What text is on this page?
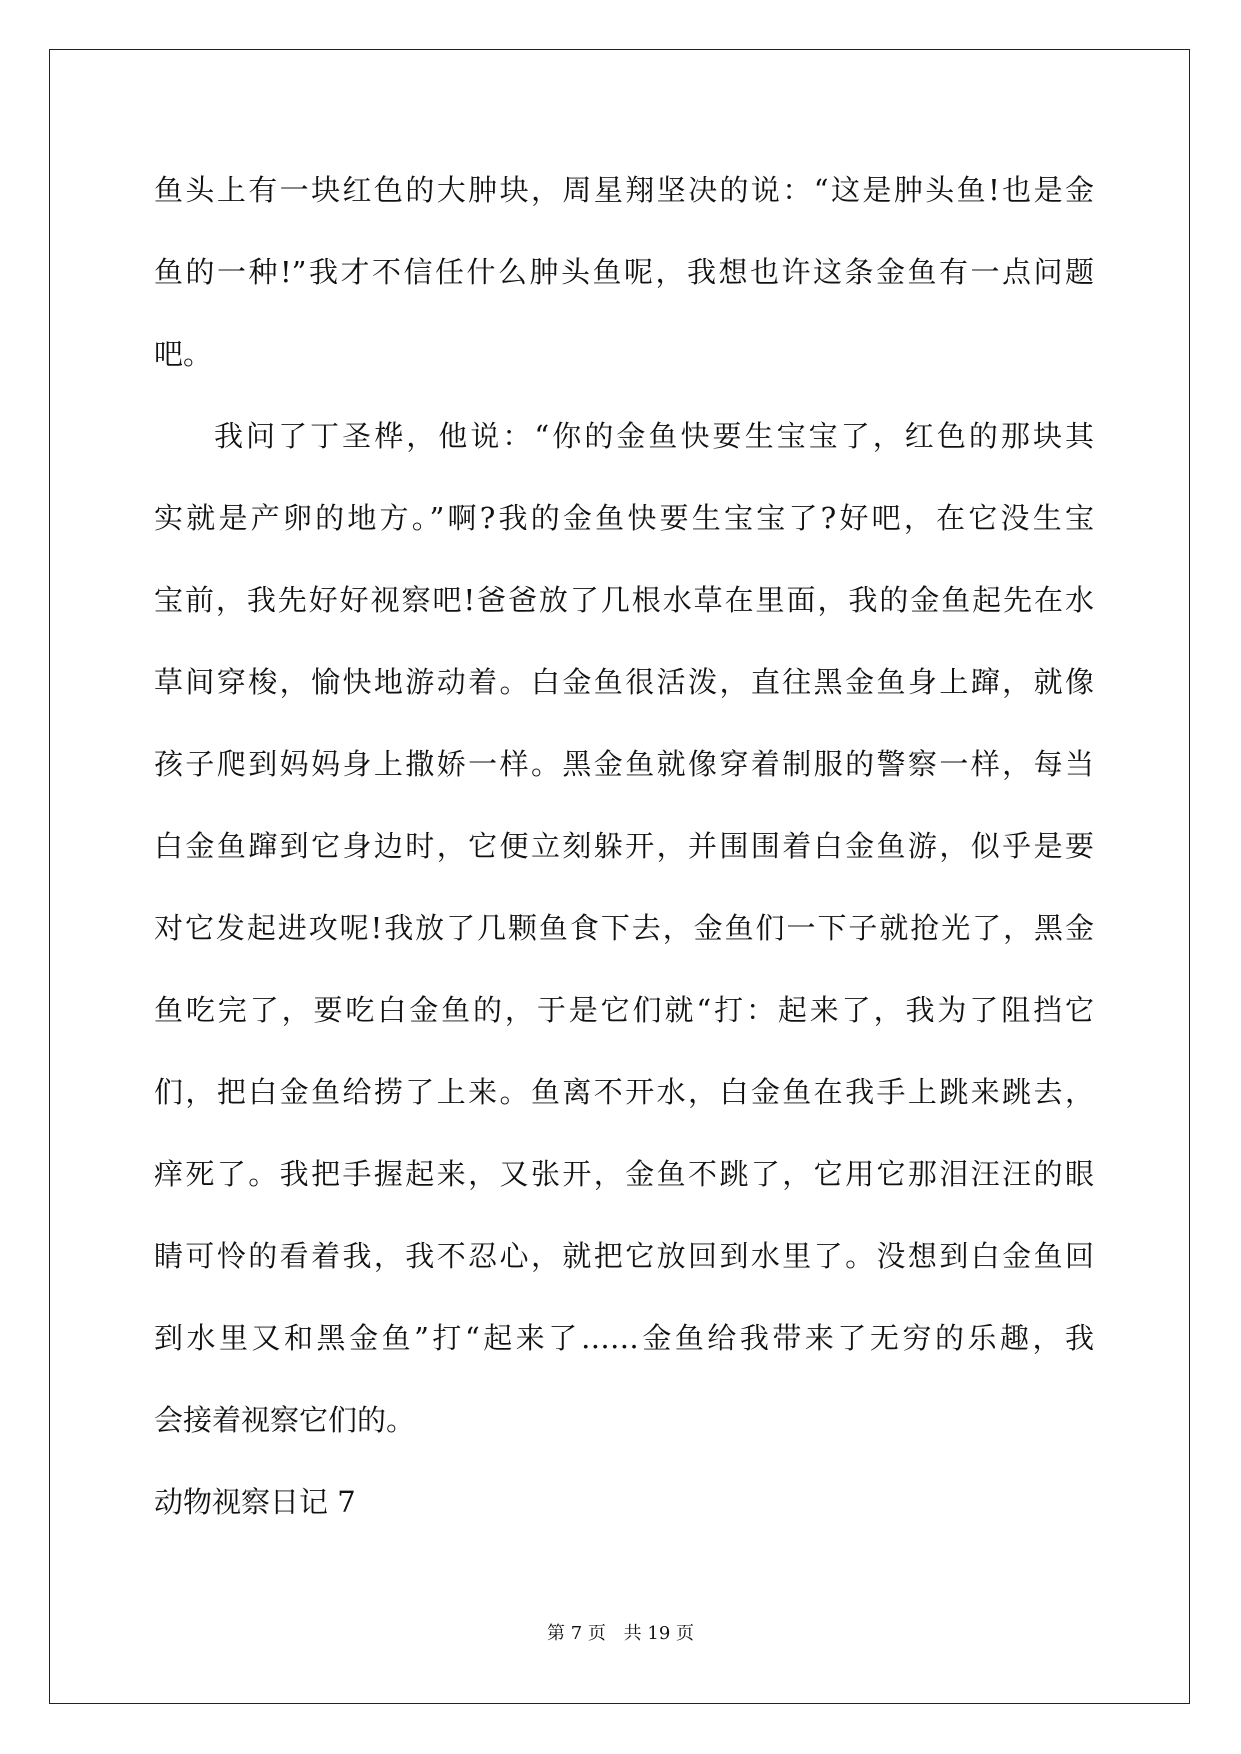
鱼头上有一块红色的大肿块，周星翔坚决的说：“这是肿头鱼!也是金
鱼的一种!”我才不信任什么肿头鱼呢，我想也许这条金鱼有一点问题
吧。
我问了丁圣桦，他说：“你的金鱼快要生宝宝了，红色的那块其
实就是产卵的地方。”啊?我的金鱼快要生宝宝了?好吧，在它没生宝
宝前，我先好好视察吧!爸爸放了几根水草在里面，我的金鱼起先在水
草间穿梭，愉快地游动着。白金鱼很活泼，直往黑金鱼身上蹿，就像
孩子爬到妈妈身上撒娇一样。黑金鱼就像穿着制服的警察一样，每当
白金鱼蹿到它身边时，它便立刻躲开，并围围着白金鱼游，似乎是要
对它发起进攻呢!我放了几颗鱼食下去，金鱼们一下子就抢光了，黑金
鱼吃完了，要吃白金鱼的，于是它们就“打：起来了，我为了阻挡它
们，把白金鱼给捞了上来。鱼离不开水，白金鱼在我手上跳来跳去，
痒死了。我把手握起来，又张开，金鱼不跳了，它用它那泪汪汪的眼
睛可怜的看着我，我不忍心，就把它放回到水里了。没想到白金鱼回
到水里又和黑金鱼”打“起来了……金鱼给我带来了无穷的乐趣，我
会接着视察它们的。
动物视察日记 7
第 7 页 共 19 页
